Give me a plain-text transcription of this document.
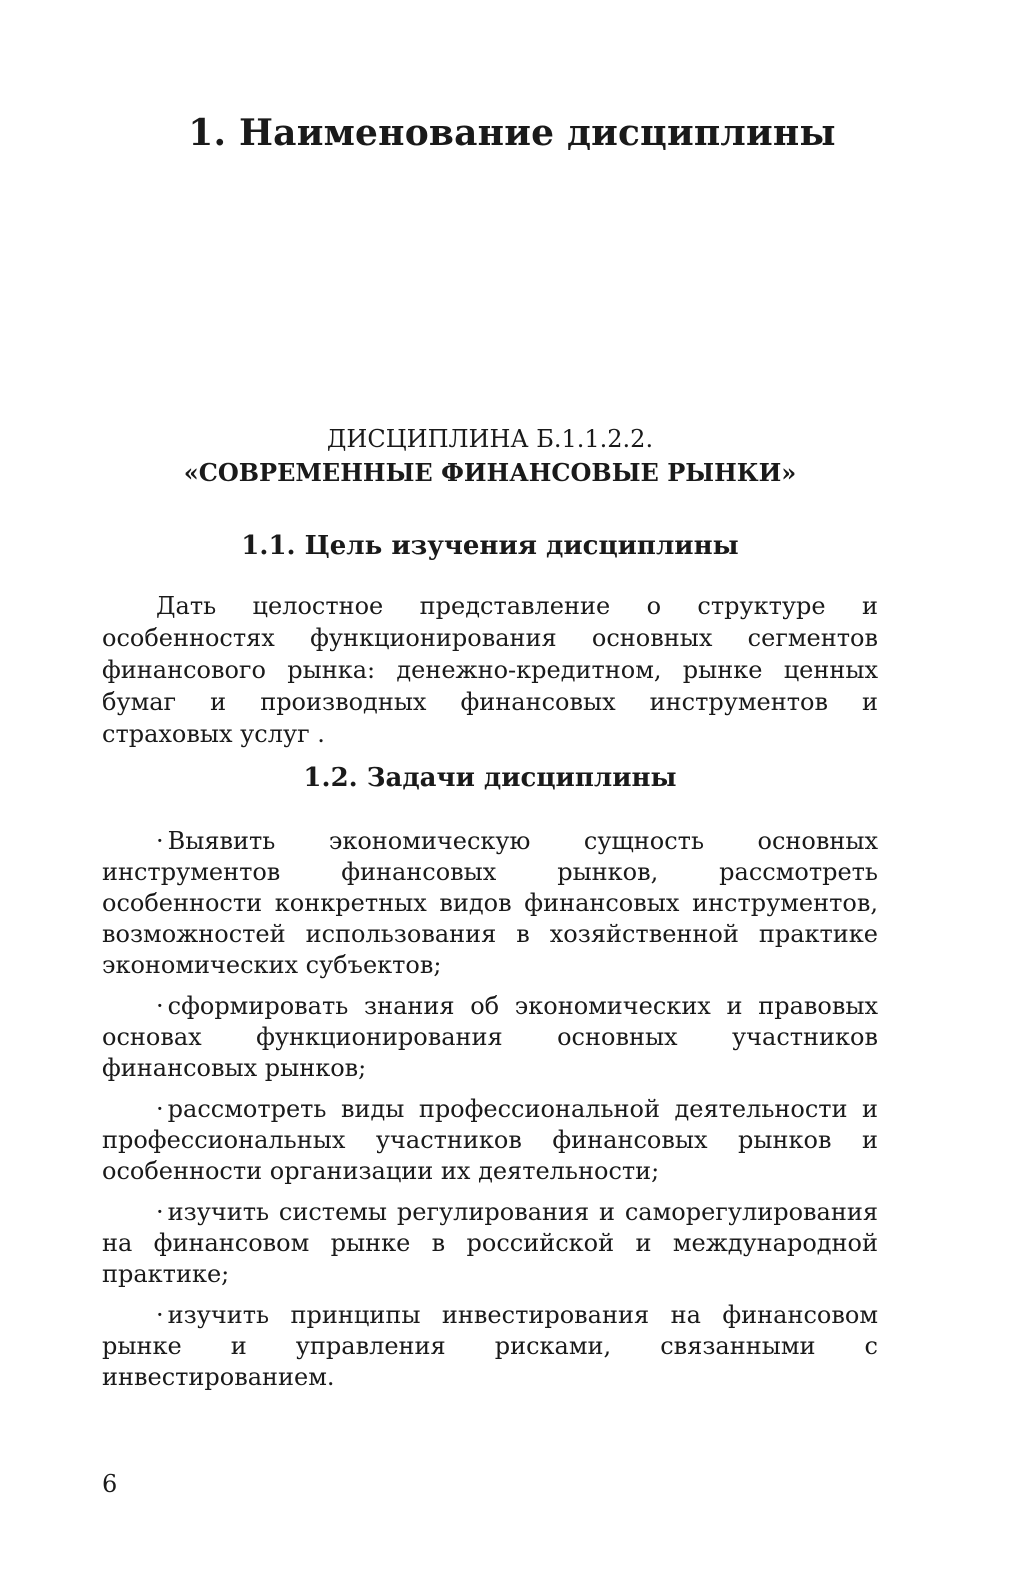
1. Наименование дисциплины

ДИСЦИПЛИНА Б.1.1.2.2.

«СОВРЕМЕННЫЕ ФИНАНСОВЫЕ РЫНКИ»

1.1. Цель изучения дисциплины

Дать целостное представление о структуре и особенностях функционирования основных сегментов финансового рынка: денежно-кредитном, рынке ценных бумаг и производных финансовых инструментов и страховых услуг .

1.2. Задачи дисциплины
· Выявить экономическую сущность основных инструментов финансовых рынков, рассмотреть особенности конкретных видов финансовых инструментов, возможностей использования в хозяйственной практике экономических субъектов;
· сформировать знания об экономических и правовых основах функционирования основных участников финансовых рынков;
· рассмотреть виды профессиональной деятельности и профессиональных участников финансовых рынков и особенности организации их деятельности;
· изучить системы регулирования и саморегулирования на финансовом рынке в российской и международной практике;
· изучить принципы инвестирования на финансовом рынке и управления рисками, связанными с инвестированием.

6
